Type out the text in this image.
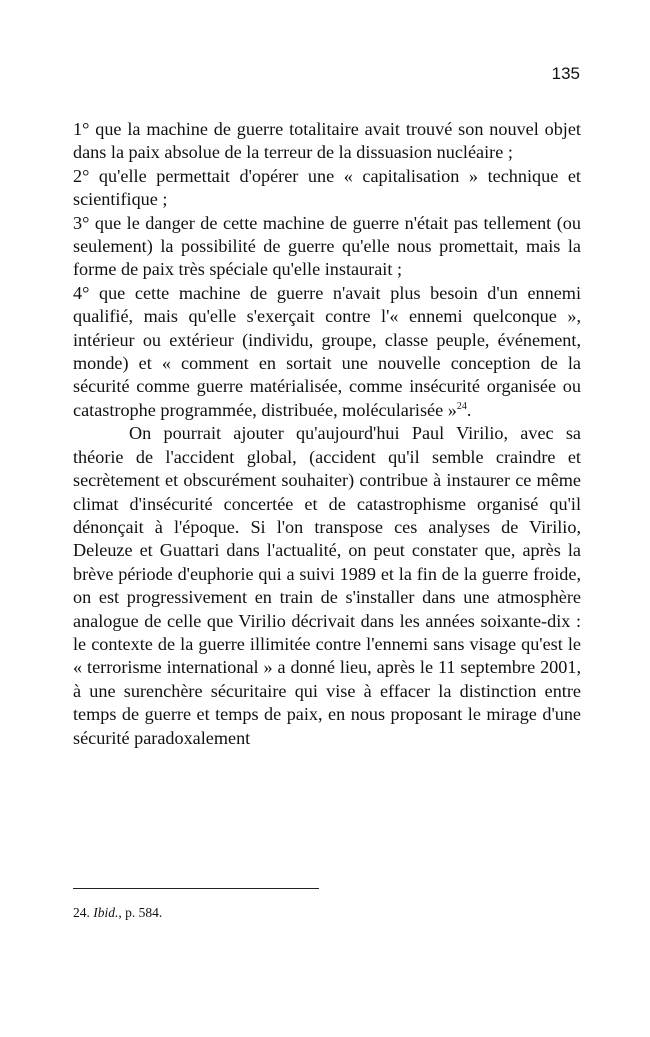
135

1° que la machine de guerre totalitaire avait trouvé son nouvel objet dans la paix absolue de la terreur de la dissuasion nucléaire ;

2° qu'elle permettait d'opérer une « capitalisation » technique et scientifique ;

3° que le danger de cette machine de guerre n'était pas tellement (ou seulement) la possibilité de guerre qu'elle nous promettait, mais la forme de paix très spéciale qu'elle instaurait ;

4° que cette machine de guerre n'avait plus besoin d'un ennemi qualifié, mais qu'elle s'exerçait contre l'« ennemi quelconque », intérieur ou extérieur (individu, groupe, classe peuple, événement, monde) et « comment en sortait une nouvelle conception de la sécurité comme guerre matérialisée, comme insécurité organisée ou catastrophe programmée, distribuée, molécularisée »$^{24}$.

On pourrait ajouter qu'aujourd'hui Paul Virilio, avec sa théorie de l'accident global, (accident qu'il semble craindre et secrètement et obscurément souhaiter) contribue à instaurer ce même climat d'insécurité concertée et de catastrophisme organisé qu'il dénonçait à l'époque. Si l'on transpose ces analyses de Virilio, Deleuze et Guattari dans l'actualité, on peut constater que, après la brève période d'euphorie qui a suivi 1989 et la fin de la guerre froide, on est progressivement en train de s'installer dans une atmosphère analogue de celle que Virilio décrivait dans les années soixante-dix : le contexte de la guerre illimitée contre l'ennemi sans visage qu'est le « terrorisme international » a donné lieu, après le 11 septembre 2001, à une surenchère sécuritaire qui vise à effacer la distinction entre temps de guerre et temps de paix, en nous proposant le mirage d'une sécurité paradoxalement

24. Ibid., p. 584.
